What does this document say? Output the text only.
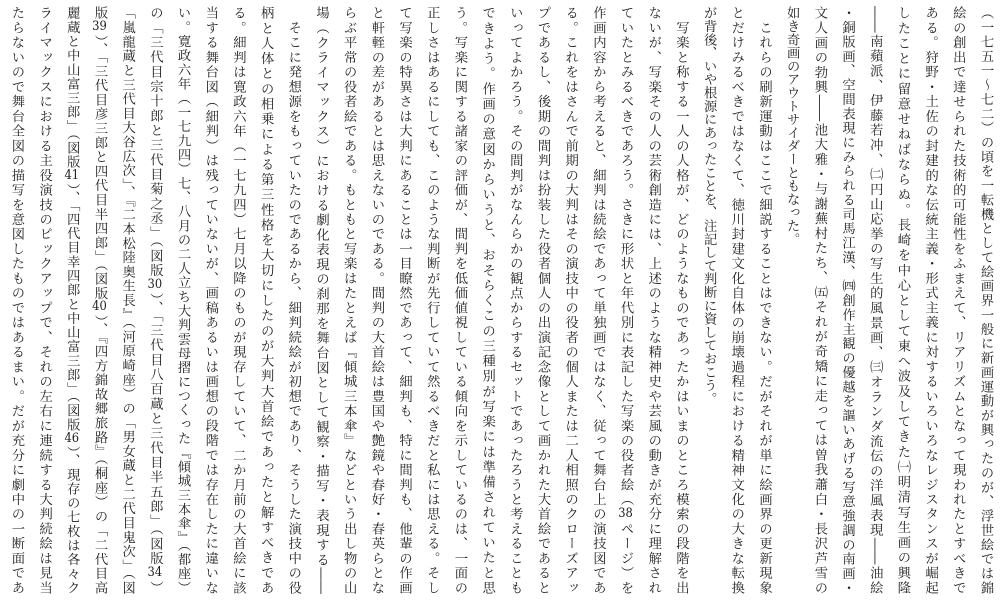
（一七五一〜七二）の頃を一転機として絵画界一般に新画運動が興ったのが、浮世絵では錦
絵の創出で達せられた技術的可能性をふまえて、リアリズムとなって現われたとすべきで
ある。狩野・土佐の封建的な伝統主義・形式主義に対するいろいろなレジスタンスが崛起
したことに留意せねばならぬ。長崎を中心として東へ波及してきた㈠明清写生画の興隆
――南蘋派、伊藤若冲、㈡円山応挙の写生的風景画、㈢オランダ流伝の洋風表現――油絵
・銅版画、空間表現にみられる司馬江漢、㈣創作主観の優越を謳いあげる写意強調の南画・
文人画の勃興――池大雅・与謝蕪村たち、㈤それが奇矯に走っては曽我蕭白・長沢芦雪の
如き奇画のアウトサイダーともなった。
　これらの刷新運動はここで細説することはできない。だがそれが単に絵画界の更新現象
とだけみるべきではなくて、徳川封建文化自体の崩壊過程における精神文化の大きな転換
が背後、いや根源にあったことを、注記して判断に資しておこう。
　写楽と称する一人の人格が、どのようなものであったかはいまのところ模索の段階を出
ないが、写楽その人の芸術創造には、上述のような精神史や芸風の動きが充分に理解され
ていたとみるべきであろう。さきに形状と年代別に表記した写楽の役者絵（38ページ）を
作画内容から考えると、細判は続絵であって単独画ではなく、従って舞台上の演技図であ
る。これをはさんで前期の大判はその演技中の役者の個人または二人相照のクローズアッ
プであるし、後期の間判は扮装した役者個人の出演記念像として画かれた大首絵であると
いってよかろう。その間判がなんらかの観点からするセットであったろうと考えることも
できよう。作画の意図からいうと、おそらくこの三種別が写楽には準備されていたと思
う。写楽に関する諸家の評価が、間判を低価値視している傾向を示しているのは、一面の
正しさはあるにしても、このような判断が先行していて然るべきだと私には思える。そし
て写楽の特異さは大判にあることは一目瞭然であって、細判も、特に間判も、他輩の作画
と軒輊の差があるとは思えないのである。間判の大首絵は豊国や艶鏡や春好・春英らとな
らぶ平常の役者絵である。もともと写楽はたとえば『傾城三本傘』などという出し物の山
場（クライマックス）における劇化表現の刹那を舞台図として観察・描写・表現する――
　そこに発想源をもっていたのであるから、細判続絵が初想であり、そうした演技中の役
柄と人体との相乗による第三性格を大切にしたのが大判大首絵であったと解すべきであ
る。細判は寛政六年（一七九四）七月以降のものが現存していて、二か月前の大首絵に該
当する舞台図（細判）は残っていないが、画稿あるいは画想の段階では存在したに違いな
い。寛政六年（一七九四）七、八月の二人立ち大判雲母摺につくった『傾城三本傘』（都座）
の「三代目宗十郎と三代目菊之丞」（図版30）、「三代目八百蔵と三代目半五郎」（図版34）
「嵐龍蔵と三代目大谷広次」、『二本松陸奥生長』（河原崎座）の「男女蔵と二代目鬼次」（図
版39）、「三代目彦三郎と四代目半四郎」（図版40）、『四方錦故郷旅路』（桐座）の「二代目高
麗蔵と中山富三郎」（図版41）、「四代目幸四郎と中山富三郎」（図版46）、現存の七枚は各々ク
ライマックスにおける主役演技のピックアップで、それの左右に連続する大判続絵は見当
たらないので舞台全図の描写を意図したものではあるまい。だが充分に劇中の一断面であ
